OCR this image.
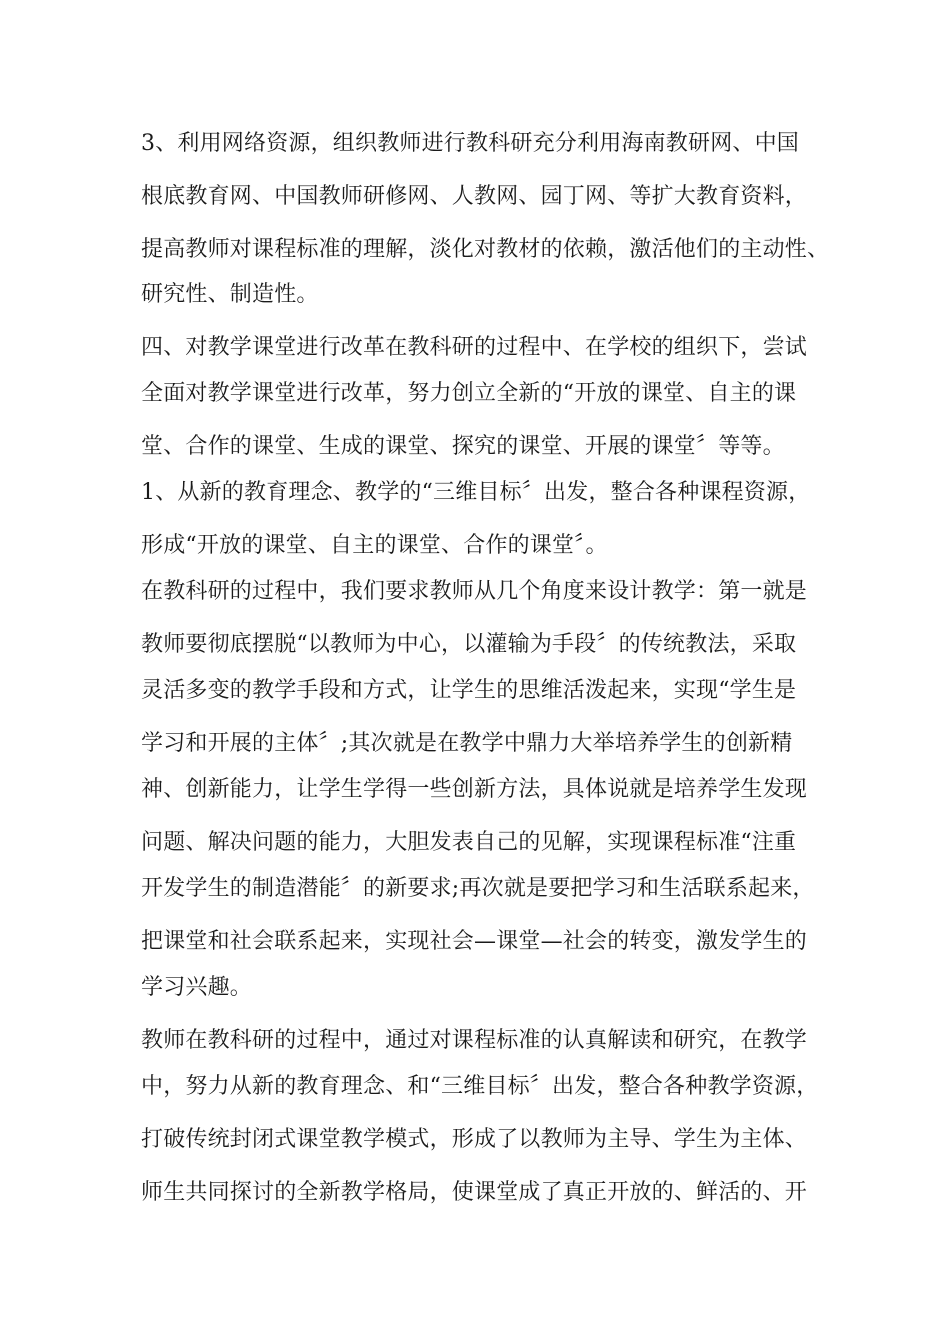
3、利用网络资源，组织教师进行教科研充分利用海南教研网、中国
根底教育网、中国教师研修网、人教网、园丁网、等扩大教育资料，
提高教师对课程标准的理解，淡化对教材的依赖，激活他们的主动性、
研究性、制造性。
四、对教学课堂进行改革在教科研的过程中、在学校的组织下，尝试
全面对教学课堂进行改革，努力创立全新的“开放的课堂、自主的课
堂、合作的课堂、生成的课堂、探究的课堂、开展的课堂〞等等。
1、从新的教育理念、教学的“三维目标〞出发，整合各种课程资源，
形成“开放的课堂、自主的课堂、合作的课堂〞。
在教科研的过程中，我们要求教师从几个角度来设计教学：第一就是
教师要彻底摆脱“以教师为中心，以灌输为手段〞的传统教法，采取
灵活多变的教学手段和方式，让学生的思维活泼起来，实现“学生是
学习和开展的主体〞;其次就是在教学中鼎力大举培养学生的创新精
神、创新能力，让学生学得一些创新方法，具体说就是培养学生发现
问题、解决问题的能力，大胆发表自己的见解，实现课程标准“注重
开发学生的制造潜能〞的新要求;再次就是要把学习和生活联系起来，
把课堂和社会联系起来，实现社会—课堂—社会的转变，激发学生的
学习兴趣。
教师在教科研的过程中，通过对课程标准的认真解读和研究，在教学
中，努力从新的教育理念、和“三维目标〞出发，整合各种教学资源，
打破传统封闭式课堂教学模式，形成了以教师为主导、学生为主体、
师生共同探讨的全新教学格局，使课堂成了真正开放的、鲜活的、开
